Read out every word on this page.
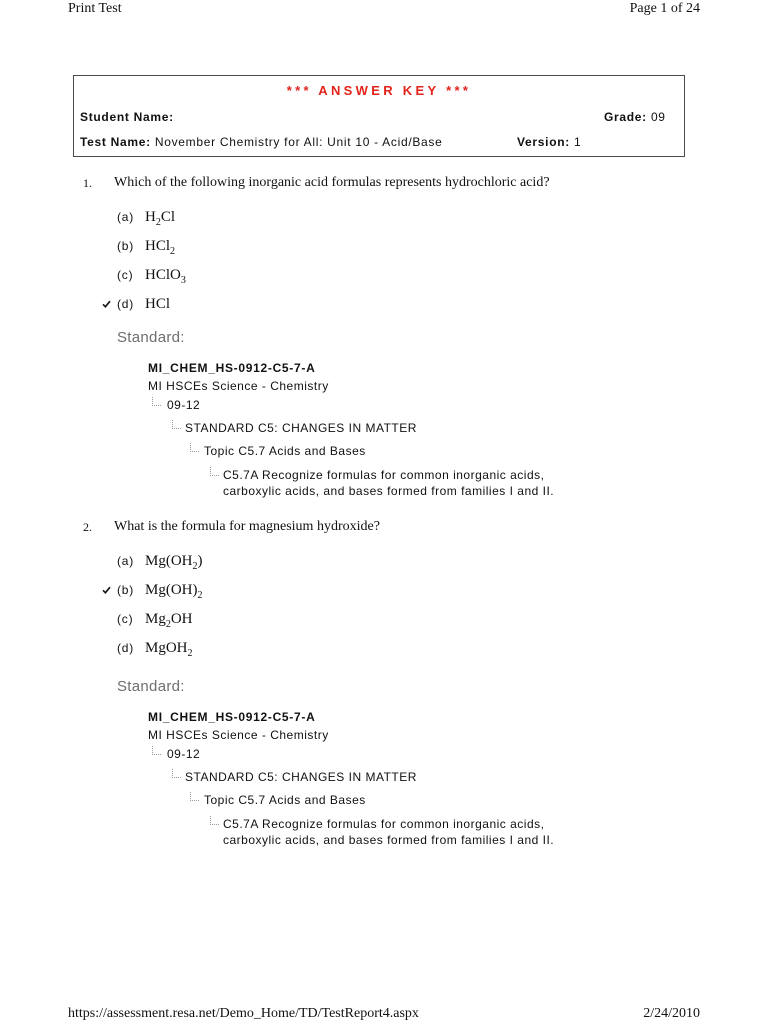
Print Test	Page 1 of 24
*** ANSWER KEY ***
Student Name:	Grade: 09
Test Name: November Chemistry for All: Unit 10 - Acid/Base	Version: 1
1. Which of the following inorganic acid formulas represents hydrochloric acid?
(a) $H_2Cl$
(b) HCl$_2$
(c) HClO$_3$
(d) HCl
Standard:
MI_CHEM_HS-0912-C5-7-A
MI HSCEs Science - Chemistry
09-12
STANDARD C5: CHANGES IN MATTER
Topic C5.7 Acids and Bases
C5.7A Recognize formulas for common inorganic acids,
carboxylic acids, and bases formed from families I and II.
2. What is the formula for magnesium hydroxide?
(a) $Mg(OH_2)$
(b) $Mg(OH)_2$
(c) $Mg_2OH$
(d) MgOH$_2$
Standard:
MI_CHEM_HS-0912-C5-7-A
MI HSCEs Science - Chemistry
09-12
STANDARD C5: CHANGES IN MATTER
Topic C5.7 Acids and Bases
C5.7A Recognize formulas for common inorganic acids,
carboxylic acids, and bases formed from families I and II.
https://assessment.resa.net/Demo_Home/TD/TestReport4.aspx	2/24/2010
